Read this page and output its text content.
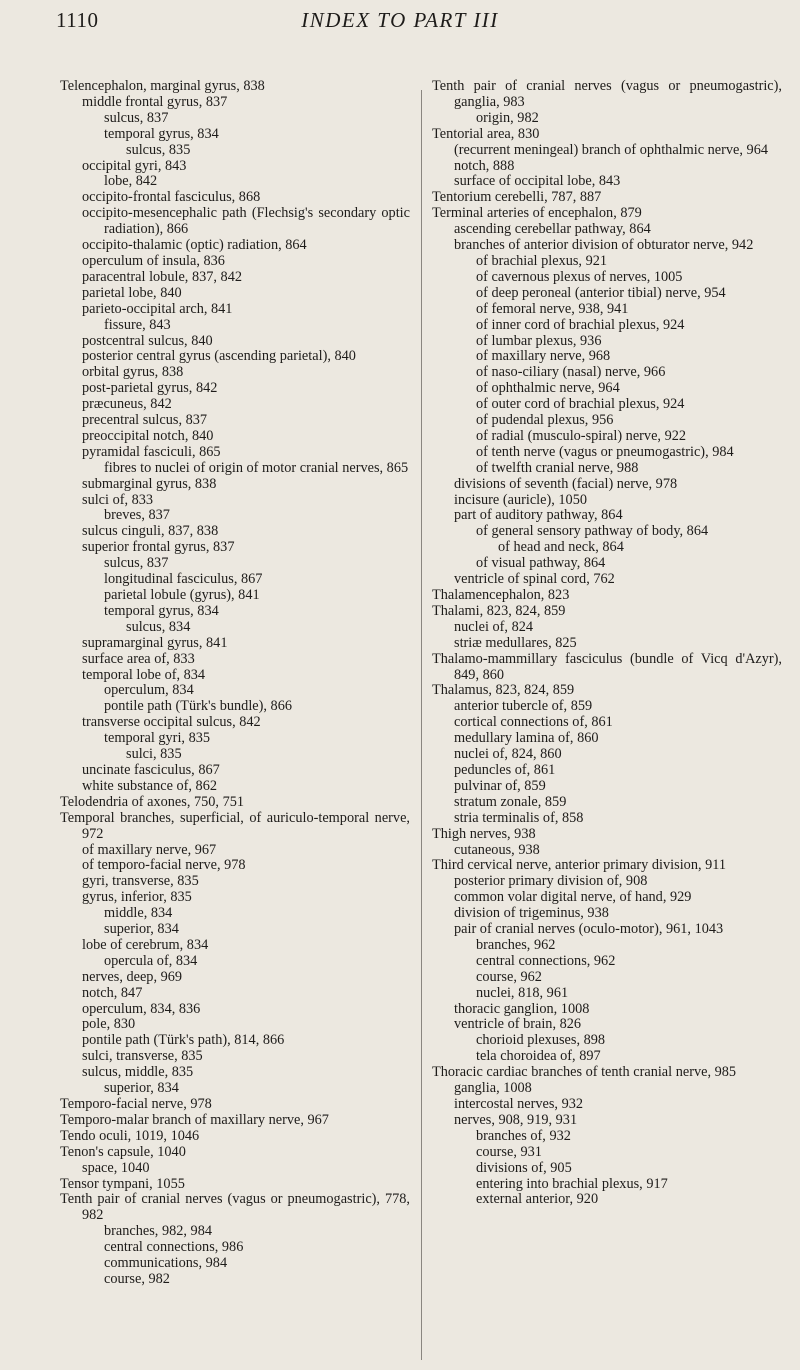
1110	INDEX TO PART III
Telencephalon, marginal gyrus, 838
middle frontal gyrus, 837
sulcus, 837
temporal gyrus, 834
sulcus, 835
occipital gyri, 843
lobe, 842
occipito-frontal fasciculus, 868
occipito-mesencephalic path (Flechsig's secondary optic radiation), 866
occipito-thalamic (optic) radiation, 864
operculum of insula, 836
paracentral lobule, 837, 842
parietal lobe, 840
parieto-occipital arch, 841
fissure, 843
postcentral sulcus, 840
posterior central gyrus (ascending parietal), 840
orbital gyrus, 838
post-parietal gyrus, 842
præcuneus, 842
precentral sulcus, 837
preoccipital notch, 840
pyramidal fasciculi, 865
fibres to nuclei of origin of motor cranial nerves, 865
submarginal gyrus, 838
sulci of, 833
breves, 837
sulcus cinguli, 837, 838
superior frontal gyrus, 837
sulcus, 837
longitudinal fasciculus, 867
parietal lobule (gyrus), 841
temporal gyrus, 834
sulcus, 834
supramarginal gyrus, 841
surface area of, 833
temporal lobe of, 834
operculum, 834
pontile path (Türk's bundle), 866
transverse occipital sulcus, 842
temporal gyri, 835
sulci, 835
uncinate fasciculus, 867
white substance of, 862
Telodendria of axones, 750, 751
Temporal branches, superficial, of auriculo-temporal nerve, 972
of maxillary nerve, 967
of temporo-facial nerve, 978
gyri, transverse, 835
gyrus, inferior, 835
middle, 834
superior, 834
lobe of cerebrum, 834
opercula of, 834
nerves, deep, 969
notch, 847
operculum, 834, 836
pole, 830
pontile path (Türk's path), 814, 866
sulci, transverse, 835
sulcus, middle, 835
superior, 834
Temporo-facial nerve, 978
Temporo-malar branch of maxillary nerve, 967
Tendo oculi, 1019, 1046
Tenon's capsule, 1040
space, 1040
Tensor tympani, 1055
Tenth pair of cranial nerves (vagus or pneumogastric), 778, 982
branches, 982, 984
central connections, 986
communications, 984
course, 982
Tenth pair of cranial nerves (vagus or pneumogastric), ganglia, 983
origin, 982
Tentorial area, 830
(recurrent meningeal) branch of ophthalmic nerve, 964
notch, 888
surface of occipital lobe, 843
Tentorium cerebelli, 787, 887
Terminal arteries of encephalon, 879
ascending cerebellar pathway, 864
branches of anterior division of obturator nerve, 942
of brachial plexus, 921
of cavernous plexus of nerves, 1005
of deep peroneal (anterior tibial) nerve, 954
of femoral nerve, 938, 941
of inner cord of brachial plexus, 924
of lumbar plexus, 936
of maxillary nerve, 968
of naso-ciliary (nasal) nerve, 966
of ophthalmic nerve, 964
of outer cord of brachial plexus, 924
of pudendal plexus, 956
of radial (musculo-spiral) nerve, 922
of tenth nerve (vagus or pneumogastric), 984
of twelfth cranial nerve, 988
divisions of seventh (facial) nerve, 978
incisure (auricle), 1050
part of auditory pathway, 864
of general sensory pathway of body, 864
of head and neck, 864
of visual pathway, 864
ventricle of spinal cord, 762
Thalamencephalon, 823
Thalami, 823, 824, 859
nuclei of, 824
striæ medullares, 825
Thalamo-mammillary fasciculus (bundle of Vicq d'Azyr), 849, 860
Thalamus, 823, 824, 859
anterior tubercle of, 859
cortical connections of, 861
medullary lamina of, 860
nuclei of, 824, 860
peduncles of, 861
pulvinar of, 859
stratum zonale, 859
stria terminalis of, 858
Thigh nerves, 938
cutaneous, 938
Third cervical nerve, anterior primary division, 911
posterior primary division of, 908
common volar digital nerve, of hand, 929
division of trigeminus, 938
pair of cranial nerves (oculo-motor), 961, 1043
branches, 962
central connections, 962
course, 962
nuclei, 818, 961
thoracic ganglion, 1008
ventricle of brain, 826
chorioid plexuses, 898
tela choroidea of, 897
Thoracic cardiac branches of tenth cranial nerve, 985
ganglia, 1008
intercostal nerves, 932
nerves, 908, 919, 931
branches of, 932
course, 931
divisions of, 905
entering into brachial plexus, 917
external anterior, 920
